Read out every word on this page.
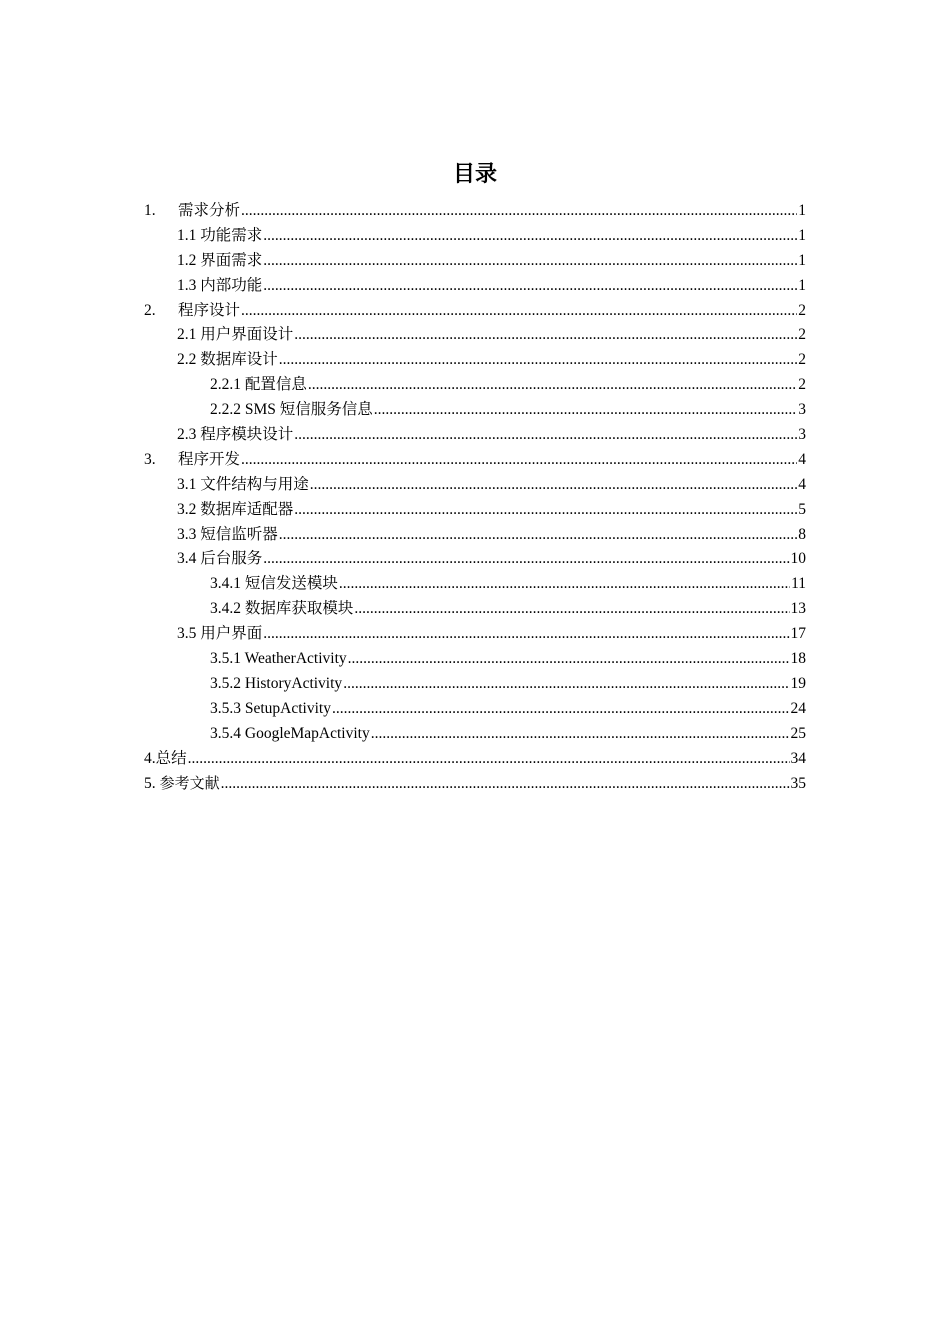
目录
1.	需求分析 .....	1
1.1 功能需求 .....	1
1.2 界面需求 .....	1
1.3 内部功能 .....	1
2.	程序设计 .....	2
2.1 用户界面设计 .....	2
2.2 数据库设计 .....	2
2.2.1 配置信息 .....	2
2.2.2 SMS 短信服务信息 .....	3
2.3 程序模块设计 .....	3
3.	程序开发 .....	4
3.1 文件结构与用途 .....	4
3.2 数据库适配器 .....	5
3.3 短信监听器 .....	8
3.4 后台服务 .....	10
3.4.1 短信发送模块 .....	11
3.4.2 数据库获取模块 .....	13
3.5 用户界面 .....	17
3.5.1 WeatherActivity .....	18
3.5.2 HistoryActivity .....	19
3.5.3 SetupActivity .....	24
3.5.4 GoogleMapActivity .....	25
4.总结 .....	34
5. 参考文献 .....	35
